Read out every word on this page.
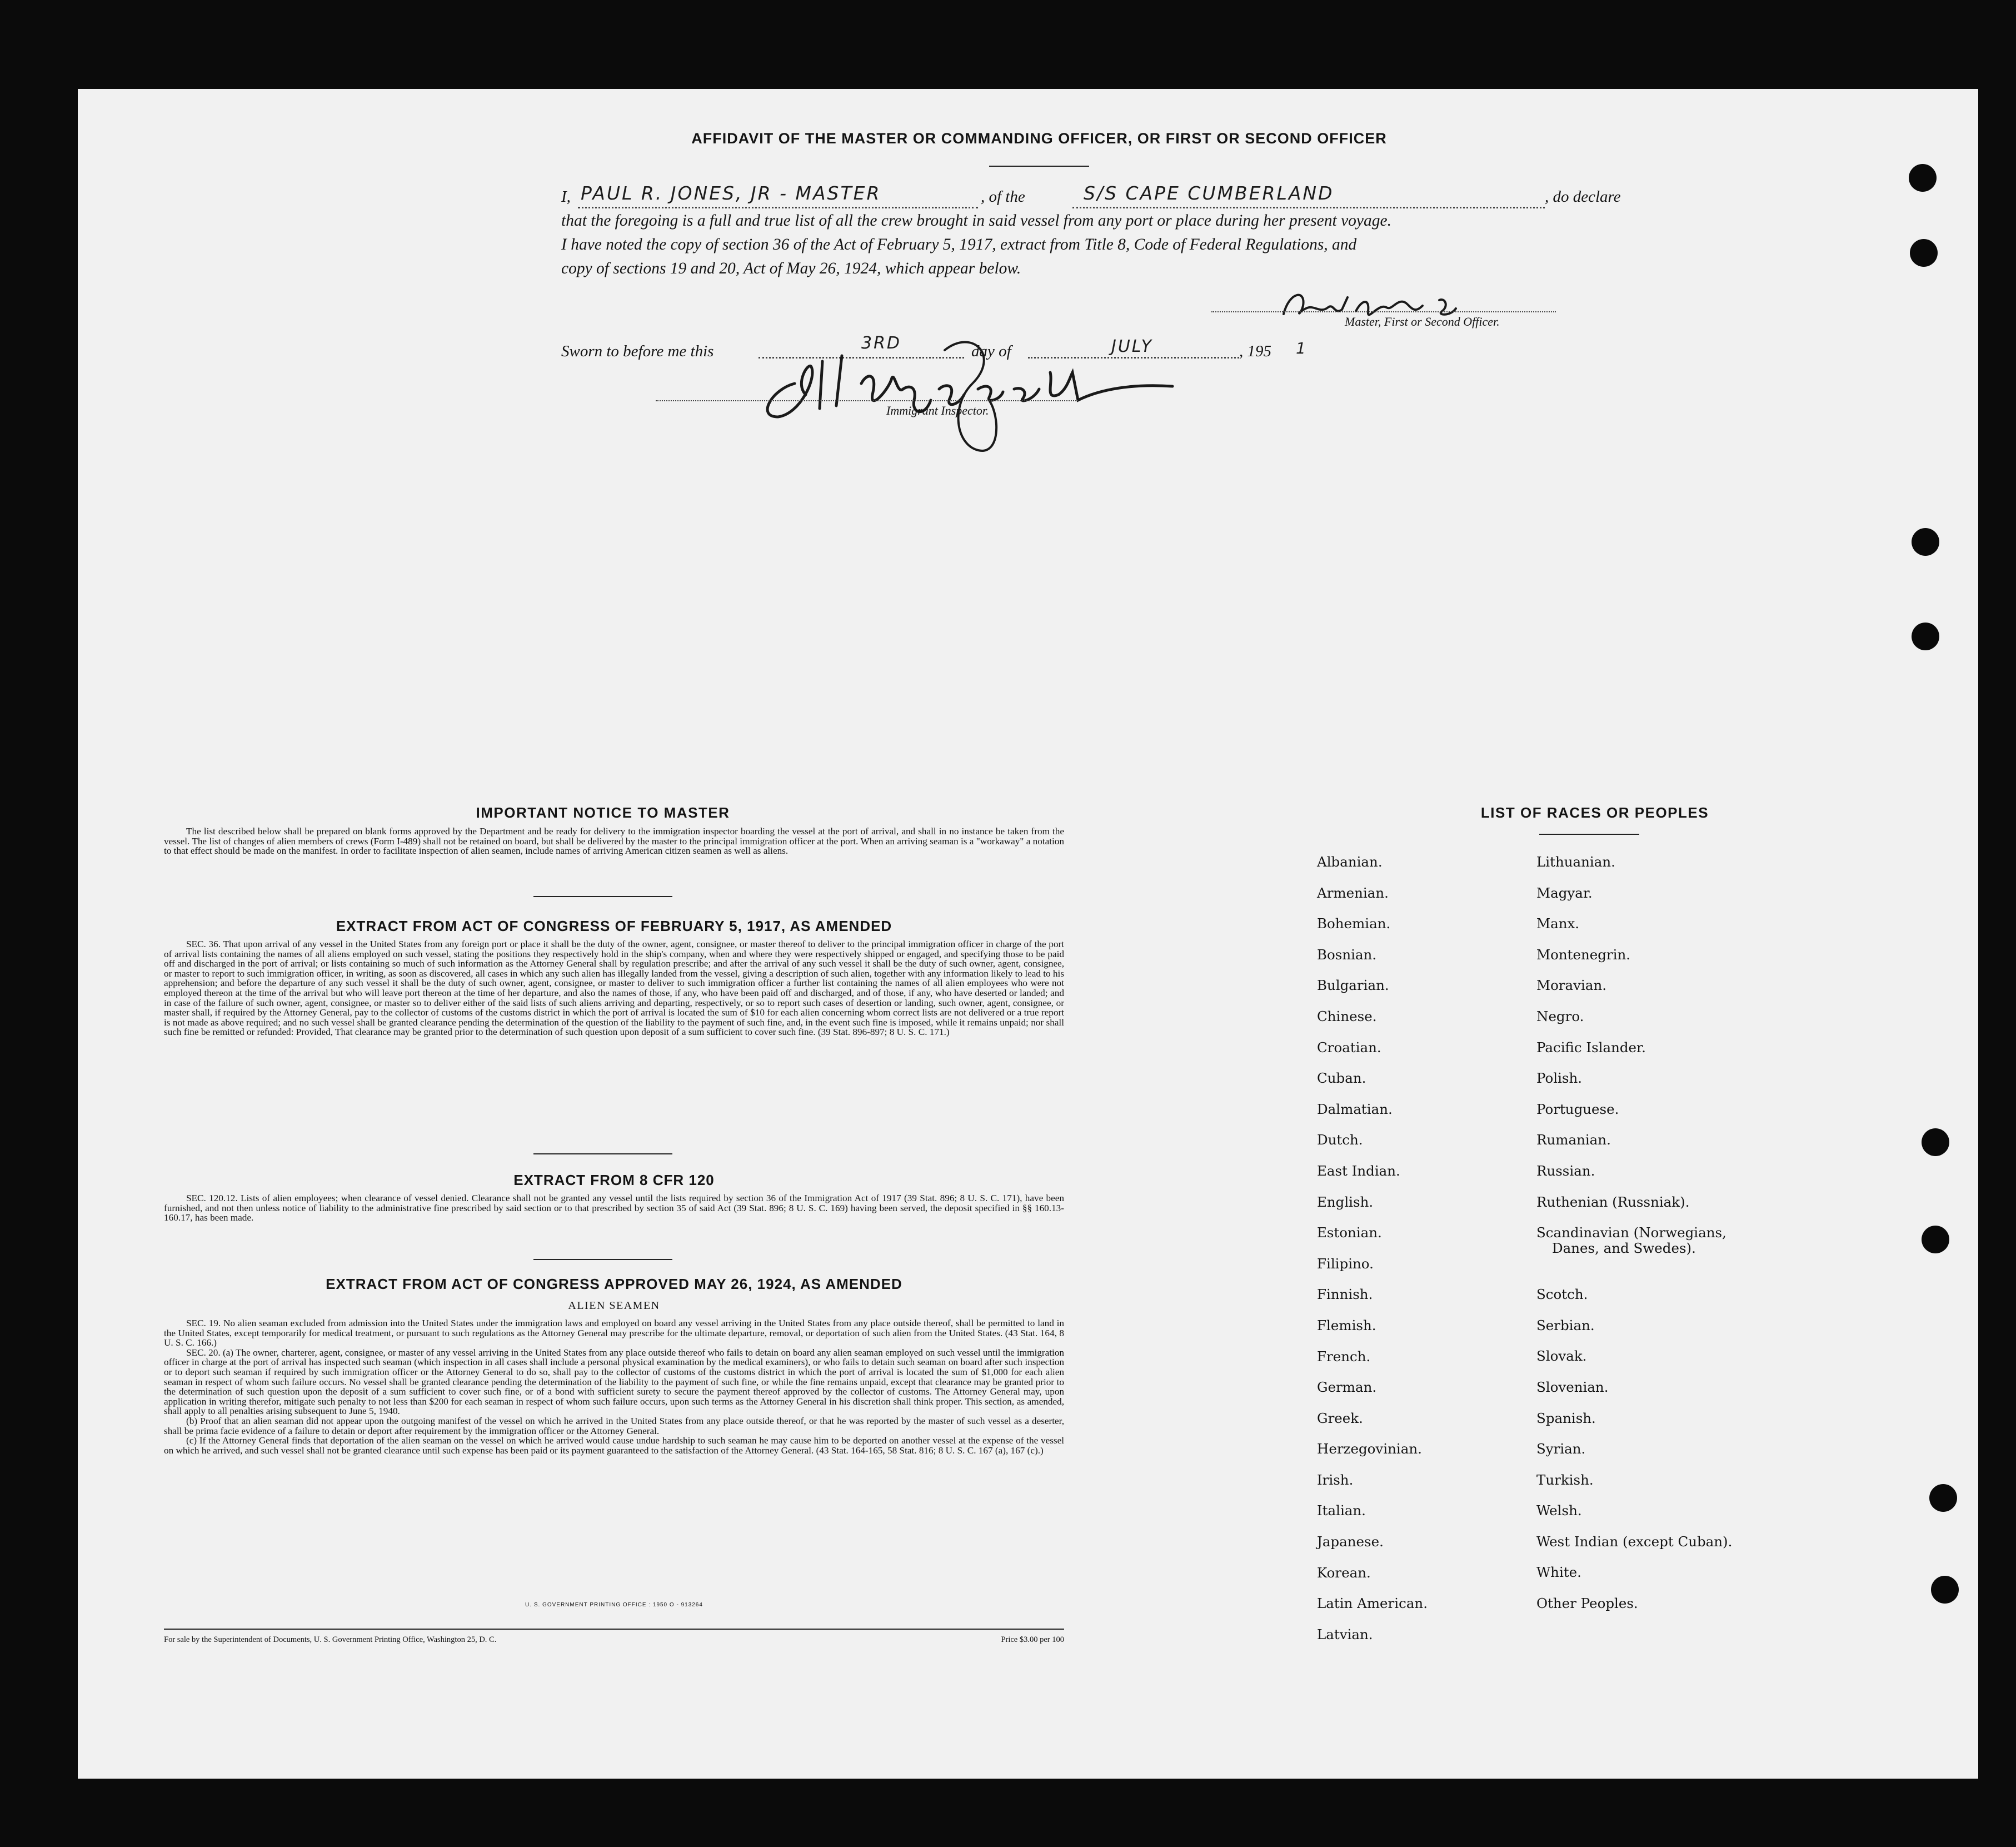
AFFIDAVIT OF THE MASTER OR COMMANDING OFFICER, OR FIRST OR SECOND OFFICER
I, PAUL R. JONES, JR - MASTER	, of the	S/S CAPE CUMBERLAND	, do declare
that the foregoing is a full and true list of all the crew brought in said vessel from any port or place during her present voyage.
I have noted the copy of section 36 of the Act of February 5, 1917, extract from Title 8, Code of Federal Regulations, and
copy of sections 19 and 20, Act of May 26, 1924, which appear below.
Master, First or Second Officer.
Sworn to before me this	3RD	day of	JULY	, 195 1
Immigrant Inspector.
IMPORTANT NOTICE TO MASTER

The list described below shall be prepared on blank forms approved by the Department and be ready for delivery to the immigration inspector boarding the vessel at the port of arrival, and shall in no instance be taken from the vessel. The list of changes of alien members of crews (Form I-489) shall not be retained on board, but shall be delivered by the master to the principal immigration officer at the port. When an arriving seaman is a "workaway" a notation to that effect should be made on the manifest. In order to facilitate inspection of alien seamen, include names of arriving American citizen seamen as well as aliens.

EXTRACT FROM ACT OF CONGRESS OF FEBRUARY 5, 1917, AS AMENDED

SEC. 36. That upon arrival of any vessel in the United States from any foreign port or place it shall be the duty of the owner, agent, consignee, or master thereof to deliver to the principal immigration officer in charge of the port of arrival lists containing the names of all aliens employed on such vessel, stating the positions they respectively hold in the ship's company, when and where they were respectively shipped or engaged, and specifying those to be paid off and discharged in the port of arrival; or lists containing so much of such information as the Attorney General shall by regulation prescribe; and after the arrival of any such vessel it shall be the duty of such owner, agent, consignee, or master to report to such immigration officer, in writing, as soon as discovered, all cases in which any such alien has illegally landed from the vessel, giving a description of such alien, together with any information likely to lead to his apprehension; and before the departure of any such vessel it shall be the duty of such owner, agent, consignee, or master to deliver to such immigration officer a further list containing the names of all alien employees who were not employed thereon at the time of the arrival but who will leave port thereon at the time of her departure, and also the names of those, if any, who have been paid off and discharged, and of those, if any, who have deserted or landed; and in case of the failure of such owner, agent, consignee, or master so to deliver either of the said lists of such aliens arriving and departing, respectively, or so to report such cases of desertion or landing, such owner, agent, consignee, or master shall, if required by the Attorney General, pay to the collector of customs of the customs district in which the port of arrival is located the sum of $10 for each alien concerning whom correct lists are not delivered or a true report is not made as above required; and no such vessel shall be granted clearance pending the determination of the question of the liability to the payment of such fine, and, in the event such fine is imposed, while it remains unpaid; nor shall such fine be remitted or refunded: Provided, That clearance may be granted prior to the determination of such question upon deposit of a sum sufficient to cover such fine. (39 Stat. 896-897; 8 U. S. C. 171.)

EXTRACT FROM 8 CFR 120

SEC. 120.12. Lists of alien employees; when clearance of vessel denied. Clearance shall not be granted any vessel until the lists required by section 36 of the Immigration Act of 1917 (39 Stat. 896; 8 U. S. C. 171), have been furnished, and not then unless notice of liability to the administrative fine prescribed by said section or to that prescribed by section 35 of said Act (39 Stat. 896; 8 U. S. C. 169) having been served, the deposit specified in §§ 160.13-160.17, has been made.

EXTRACT FROM ACT OF CONGRESS APPROVED MAY 26, 1924, AS AMENDED
ALIEN SEAMEN

SEC. 19. No alien seaman excluded from admission into the United States under the immigration laws and employed on board any vessel arriving in the United States from any place outside thereof, shall be permitted to land in the United States, except temporarily for medical treatment, or pursuant to such regulations as the Attorney General may prescribe for the ultimate departure, removal, or deportation of such alien from the United States. (43 Stat. 164, 8 U. S. C. 166.)

SEC. 20. (a) The owner, charterer, agent, consignee, or master of any vessel arriving in the United States from any place outside thereof who fails to detain on board any alien seaman employed on such vessel until the immigration officer in charge at the port of arrival has inspected such seaman (which inspection in all cases shall include a personal physical examination by the medical examiners), or who fails to detain such seaman on board after such inspection or to deport such seaman if required by such immigration officer or the Attorney General to do so, shall pay to the collector of customs of the customs district in which the port of arrival is located the sum of $1,000 for each alien seaman in respect of whom such failure occurs. No vessel shall be granted clearance pending the determination of the liability to the payment of such fine, or while the fine remains unpaid, except that clearance may be granted prior to the determination of such question upon the deposit of a sum sufficient to cover such fine, or of a bond with sufficient surety to secure the payment thereof approved by the collector of customs. The Attorney General may, upon application in writing therefor, mitigate such penalty to not less than $200 for each seaman in respect of whom such failure occurs, upon such terms as the Attorney General in his discretion shall think proper. This section, as amended, shall apply to all penalties arising subsequent to June 5, 1940.

(b) Proof that an alien seaman did not appear upon the outgoing manifest of the vessel on which he arrived in the United States from any place outside thereof, or that he was reported by the master of such vessel as a deserter, shall be prima facie evidence of a failure to detain or deport after requirement by the immigration officer or the Attorney General.

(c) If the Attorney General finds that deportation of the alien seaman on the vessel on which he arrived would cause undue hardship to such seaman he may cause him to be deported on another vessel at the expense of the vessel on which he arrived, and such vessel shall not be granted clearance until such expense has been paid or its payment guaranteed to the satisfaction of the Attorney General. (43 Stat. 164-165, 58 Stat. 816; 8 U. S. C. 167 (a), 167 (c).)

U. S. GOVERNMENT PRINTING OFFICE : 1950 O - 913264
For sale by the Superintendent of Documents, U. S. Government Printing Office, Washington 25, D. C.	Price $3.00 per 100
LIST OF RACES OR PEOPLES
Albanian.
Armenian.
Bohemian.
Bosnian.
Bulgarian.
Chinese.
Croatian.
Cuban.
Dalmatian.
Dutch.
East Indian.
English.
Estonian.
Filipino.
Finnish.
Flemish.
French.
German.
Greek.
Herzegovinian.
Irish.
Italian.
Japanese.
Korean.
Latin American.
Latvian.
Lithuanian.
Magyar.
Manx.
Montenegrin.
Moravian.
Negro.
Pacific Islander.
Polish.
Portuguese.
Rumanian.
Russian.
Ruthenian (Russniak).
Scandinavian (Norwegians,
Danes, and Swedes).
Scotch.
Serbian.
Slovak.
Slovenian.
Spanish.
Syrian.
Turkish.
Welsh.
West Indian (except Cuban).
White.
Other Peoples.
